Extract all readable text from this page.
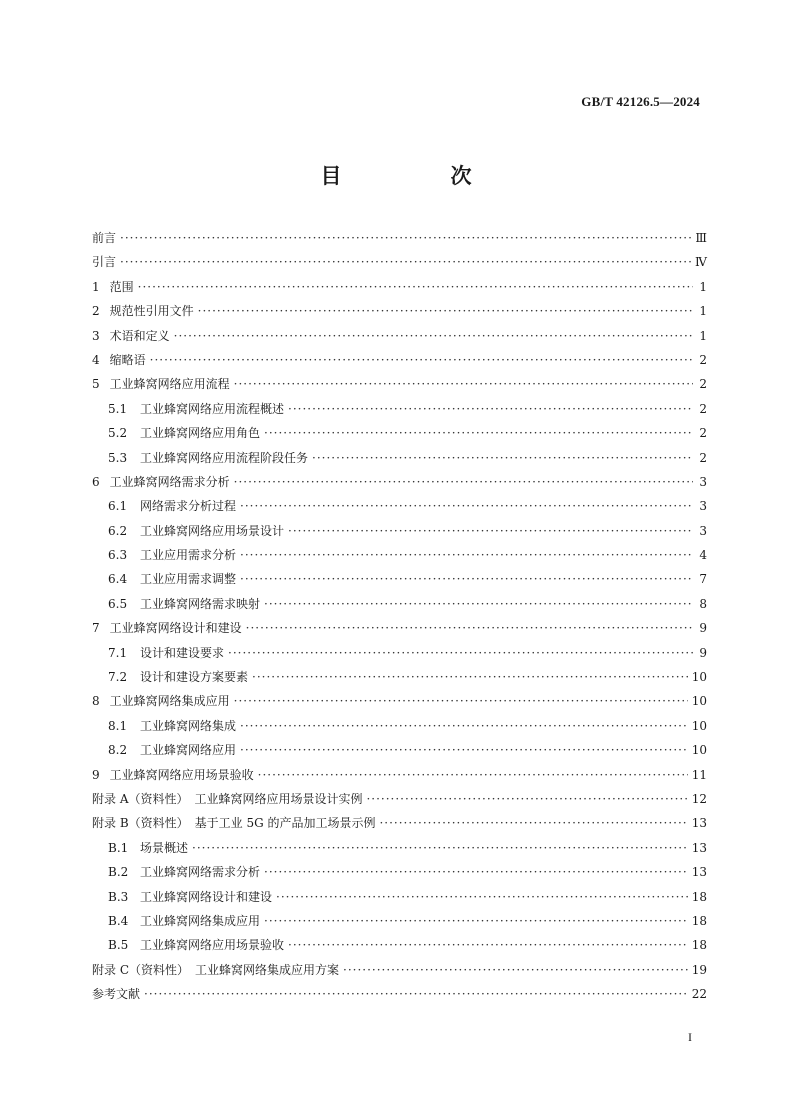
GB/T 42126.5—2024
目　次
前言 ·····	Ⅲ
引言 ·····	Ⅳ
1 范围 ·····	1
2 规范性引用文件 ·····	1
3 术语和定义 ·····	1
4 缩略语 ·····	2
5 工业蜂窝网络应用流程 ·····	2
5.1 工业蜂窝网络应用流程概述 ·····	2
5.2 工业蜂窝网络应用角色 ·····	2
5.3 工业蜂窝网络应用流程阶段任务 ·····	2
6 工业蜂窝网络需求分析 ·····	3
6.1 网络需求分析过程 ·····	3
6.2 工业蜂窝网络应用场景设计 ·····	3
6.3 工业应用需求分析 ·····	4
6.4 工业应用需求调整 ·····	7
6.5 工业蜂窝网络需求映射 ·····	8
7 工业蜂窝网络设计和建设 ·····	9
7.1 设计和建设要求 ·····	9
7.2 设计和建设方案要素 ·····	10
8 工业蜂窝网络集成应用 ·····	10
8.1 工业蜂窝网络集成 ·····	10
8.2 工业蜂窝网络应用 ·····	10
9 工业蜂窝网络应用场景验收 ·····	11
附录 A（资料性）　工业蜂窝网络应用场景设计实例 ·····	12
附录 B（资料性）　基于工业 5G 的产品加工场景示例 ·····	13
B.1 场景概述 ·····	13
B.2 工业蜂窝网络需求分析 ·····	13
B.3 工业蜂窝网络设计和建设 ·····	18
B.4 工业蜂窝网络集成应用 ·····	18
B.5 工业蜂窝网络应用场景验收 ·····	18
附录 C（资料性）　工业蜂窝网络集成应用方案 ·····	19
参考文献 ·····	22
I
